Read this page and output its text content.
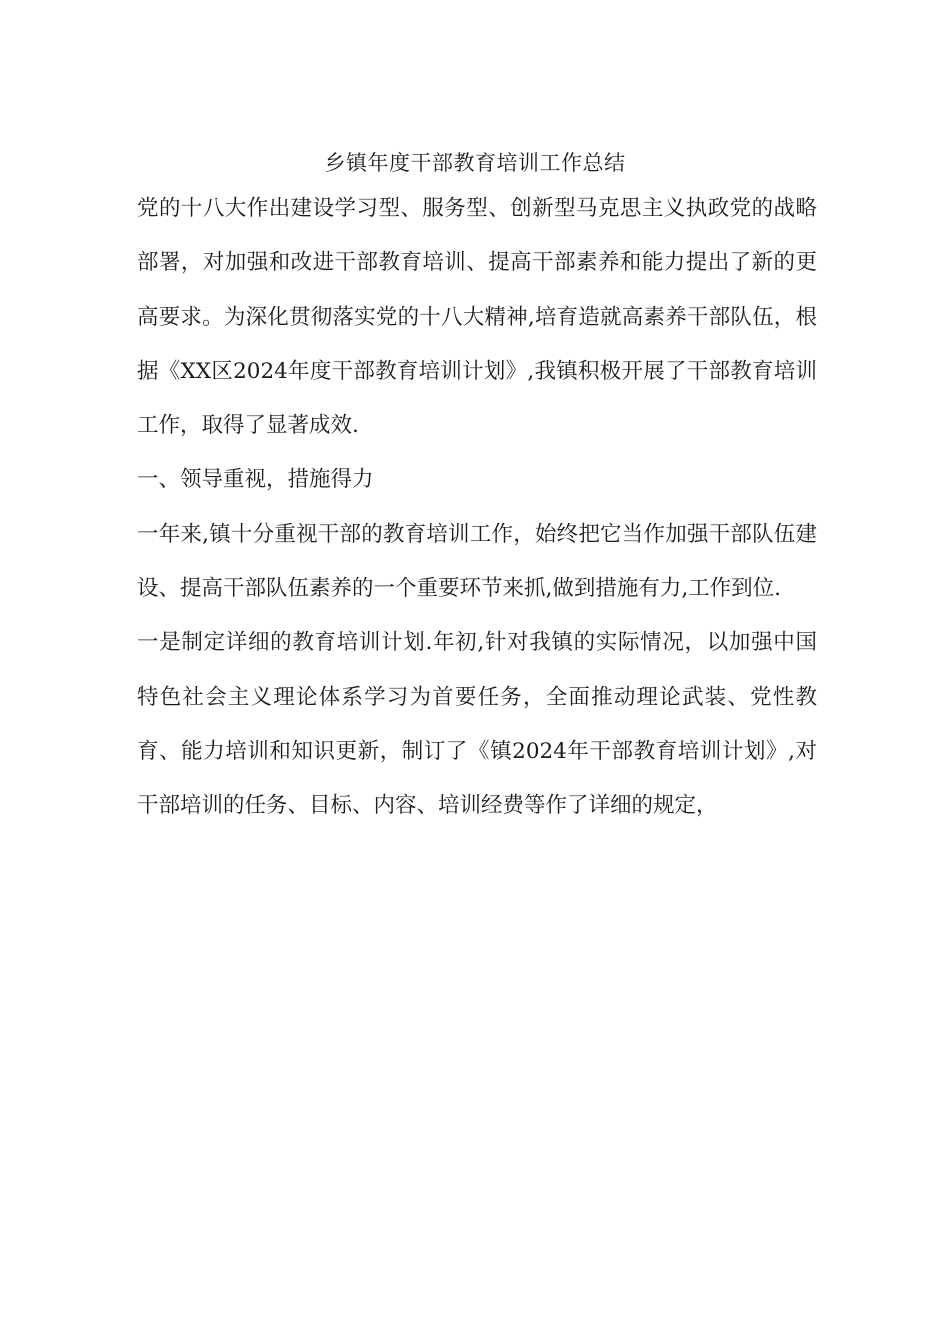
乡镇年度干部教育培训工作总结

党的十八大作出建设学习型、服务型、创新型马克思主义执政党的战略部署，对加强和改进干部教育培训、提高干部素养和能力提出了新的更高要求。为深化贯彻落实党的十八大精神,培育造就高素养干部队伍，根据《XX区2024年度干部教育培训计划》,我镇积极开展了干部教育培训工作，取得了显著成效.

一、领导重视，措施得力

一年来,镇十分重视干部的教育培训工作，始终把它当作加强干部队伍建设、提高干部队伍素养的一个重要环节来抓,做到措施有力,工作到位.

一是制定详细的教育培训计划.年初,针对我镇的实际情况，以加强中国特色社会主义理论体系学习为首要任务，全面推动理论武装、党性教育、能力培训和知识更新，制订了《镇2024年干部教育培训计划》,对干部培训的任务、目标、内容、培训经费等作了详细的规定，
